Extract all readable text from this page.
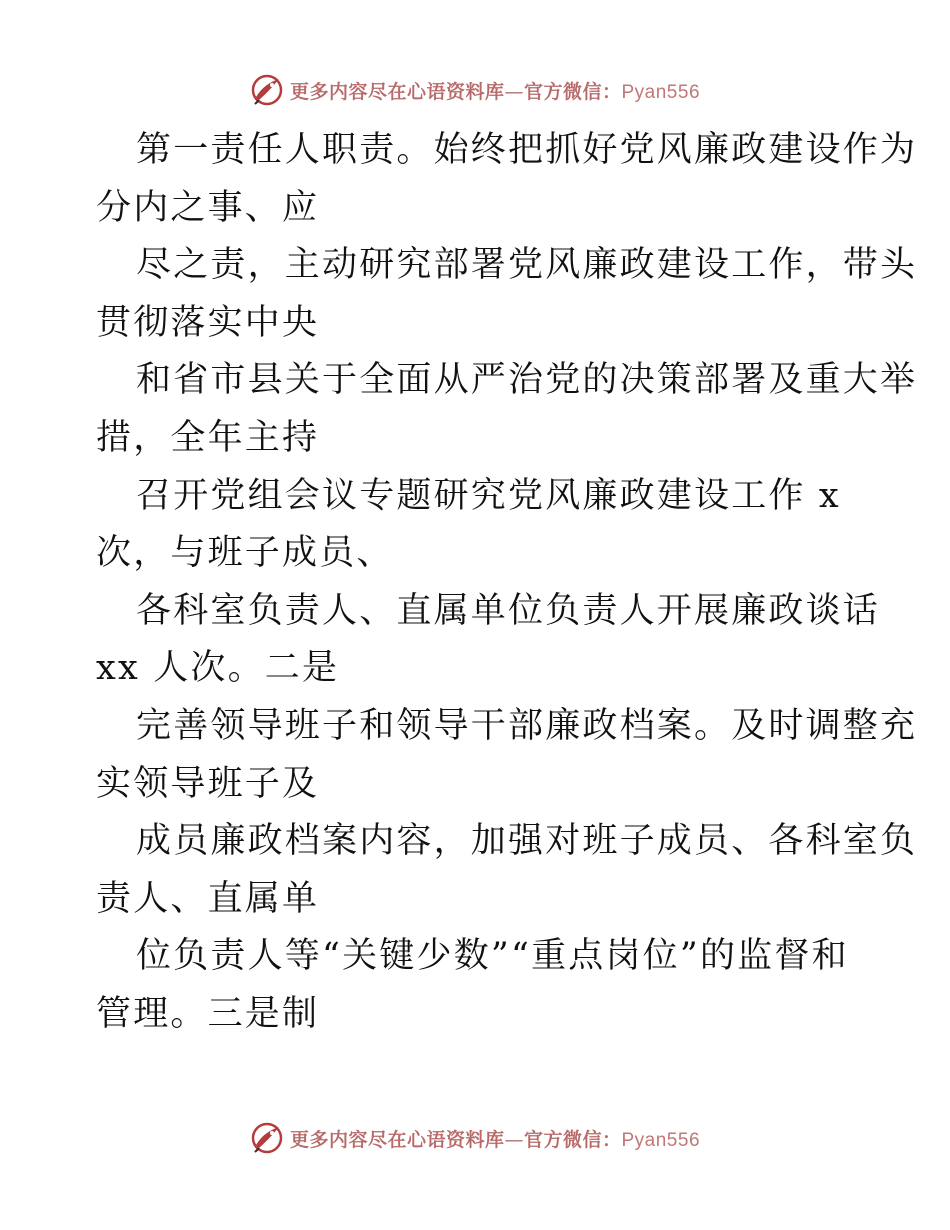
更多内容尽在心语资料库—官方微信：Pyan556
第一责任人职责。始终把抓好党风廉政建设作为
分内之事、应
尽之责，主动研究部署党风廉政建设工作，带头
贯彻落实中央
和省市县关于全面从严治党的决策部署及重大举
措，全年主持
召开党组会议专题研究党风廉政建设工作 x
次，与班子成员、
各科室负责人、直属单位负责人开展廉政谈话
xx 人次。二是
完善领导班子和领导干部廉政档案。及时调整充
实领导班子及
成员廉政档案内容，加强对班子成员、各科室负
责人、直属单
位负责人等“关键少数”“重点岗位”的监督和
管理。三是制
更多内容尽在心语资料库—官方微信：Pyan556
